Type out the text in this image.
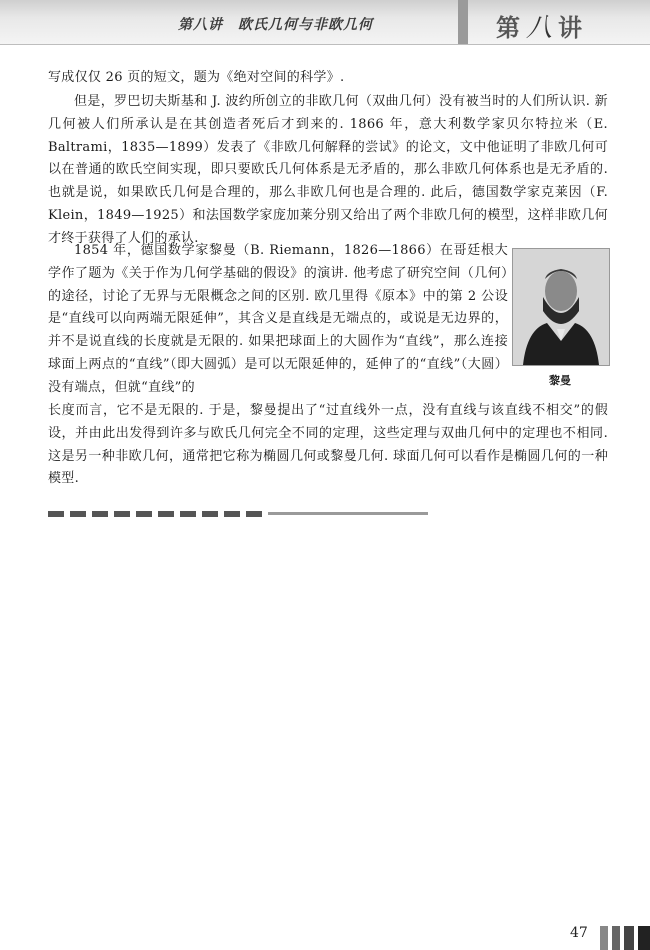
第八讲　欧氏几何与非欧几何	第八讲

写成仅仅 26 页的短文，题为《绝对空间的科学》.

但是，罗巴切夫斯基和 J. 波约所创立的非欧几何（双曲几何）没有被当时的人们所认识. 新几何被人们所承认是在其创造者死后才到来的. 1866 年，意大利数学家贝尔特拉米（E. Baltrami，1835—1899）发表了《非欧几何解释的尝试》的论文，文中他证明了非欧几何可以在普通的欧氏空间实现，即只要欧氏几何体系是无矛盾的，那么非欧几何体系也是无矛盾的. 也就是说，如果欧氏几何是合理的，那么非欧几何也是合理的. 此后，德国数学家克莱因（F. Klein，1849—1925）和法国数学家庞加莱分别又给出了两个非欧几何的模型，这样非欧几何才终于获得了人们的承认.

1854 年，德国数学家黎曼（B. Riemann，1826—1866）在哥廷根大学作了题为《关于作为几何学基础的假设》的演讲. 他考虑了研究空间（几何）的途径，讨论了无界与无限概念之间的区别. 欧几里得《原本》中的第 2 公设是“直线可以向两端无限延伸”，其含义是直线是无端点的，或说是无边界的，并不是说直线的长度就是无限的. 如果把球面上的大圆作为“直线”，那么连接球面上两点的“直线”（即大圆弧）是可以无限延伸的，延伸了的“直线”（大圆）没有端点，但就“直线”的

长度而言，它不是无限的. 于是，黎曼提出了“过直线外一点，没有直线与该直线不相交”的假设，并由此出发得到许多与欧氏几何完全不同的定理，这些定理与双曲几何中的定理也不相同. 这是另一种非欧几何，通常把它称为椭圆几何或黎曼几何. 球面几何可以看作是椭圆几何的一种模型.

黎曼
47
